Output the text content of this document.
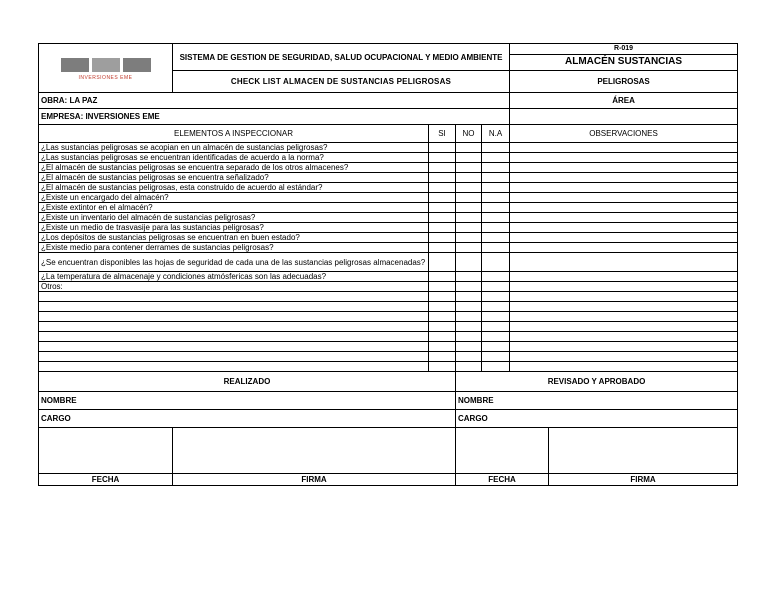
INVERSIONES EME	SISTEMA DE GESTION DE SEGURIDAD, SALUD OCUPACIONAL Y MEDIO AMBIENTE				R-019
ALMACÉN SUSTANCIAS	

	CHECK LIST ALMACEN DE SUSTANCIAS PELIGROSAS				PELIGROSAS	
OBRA: LA PAZ					ÁREA	
EMPRESA: INVERSIONES EME						
ELEMENTOS A INSPECCIONAR		SI	NO	N.A	OBSERVACIONES	
¿Las sustancias peligrosas se acopian en un almacén de sustancias peligrosas?						
¿Las sustancias peligrosas se encuentran identificadas de acuerdo a la norma?						
¿El almacén de sustancias peligrosas se encuentra separado de los otros almacenes?						
¿El almacén de sustancias peligrosas se encuentra señalizado?						
¿El almacén de sustancias peligrosas, esta construido de acuerdo al estándar?						
¿Existe un encargado del almacén?						
¿Existe extintor en el almacén?						
¿Existe un inventario del almacén de sustancias peligrosas?						
¿Existe un medio de trasvasije para las sustancias peligrosas?						
¿Los depósitos de sustancias peligrosas se encuentran en buen estado?						
¿Existe medio para contener derrames de sustancias peligrosas?						
¿Se encuentran disponibles las hojas de seguridad de cada una de las sustancias peligrosas almacenadas?						
¿La temperatura de almacenaje y condiciones atmósfericas son las adecuadas?						
Otros:						

REALIZADO			REVISADO Y APROBADO			
NOMBRE			NOMBRE			
CARGO			CARGO			

FECHA	FIRMA		FECHA			FIRMA
